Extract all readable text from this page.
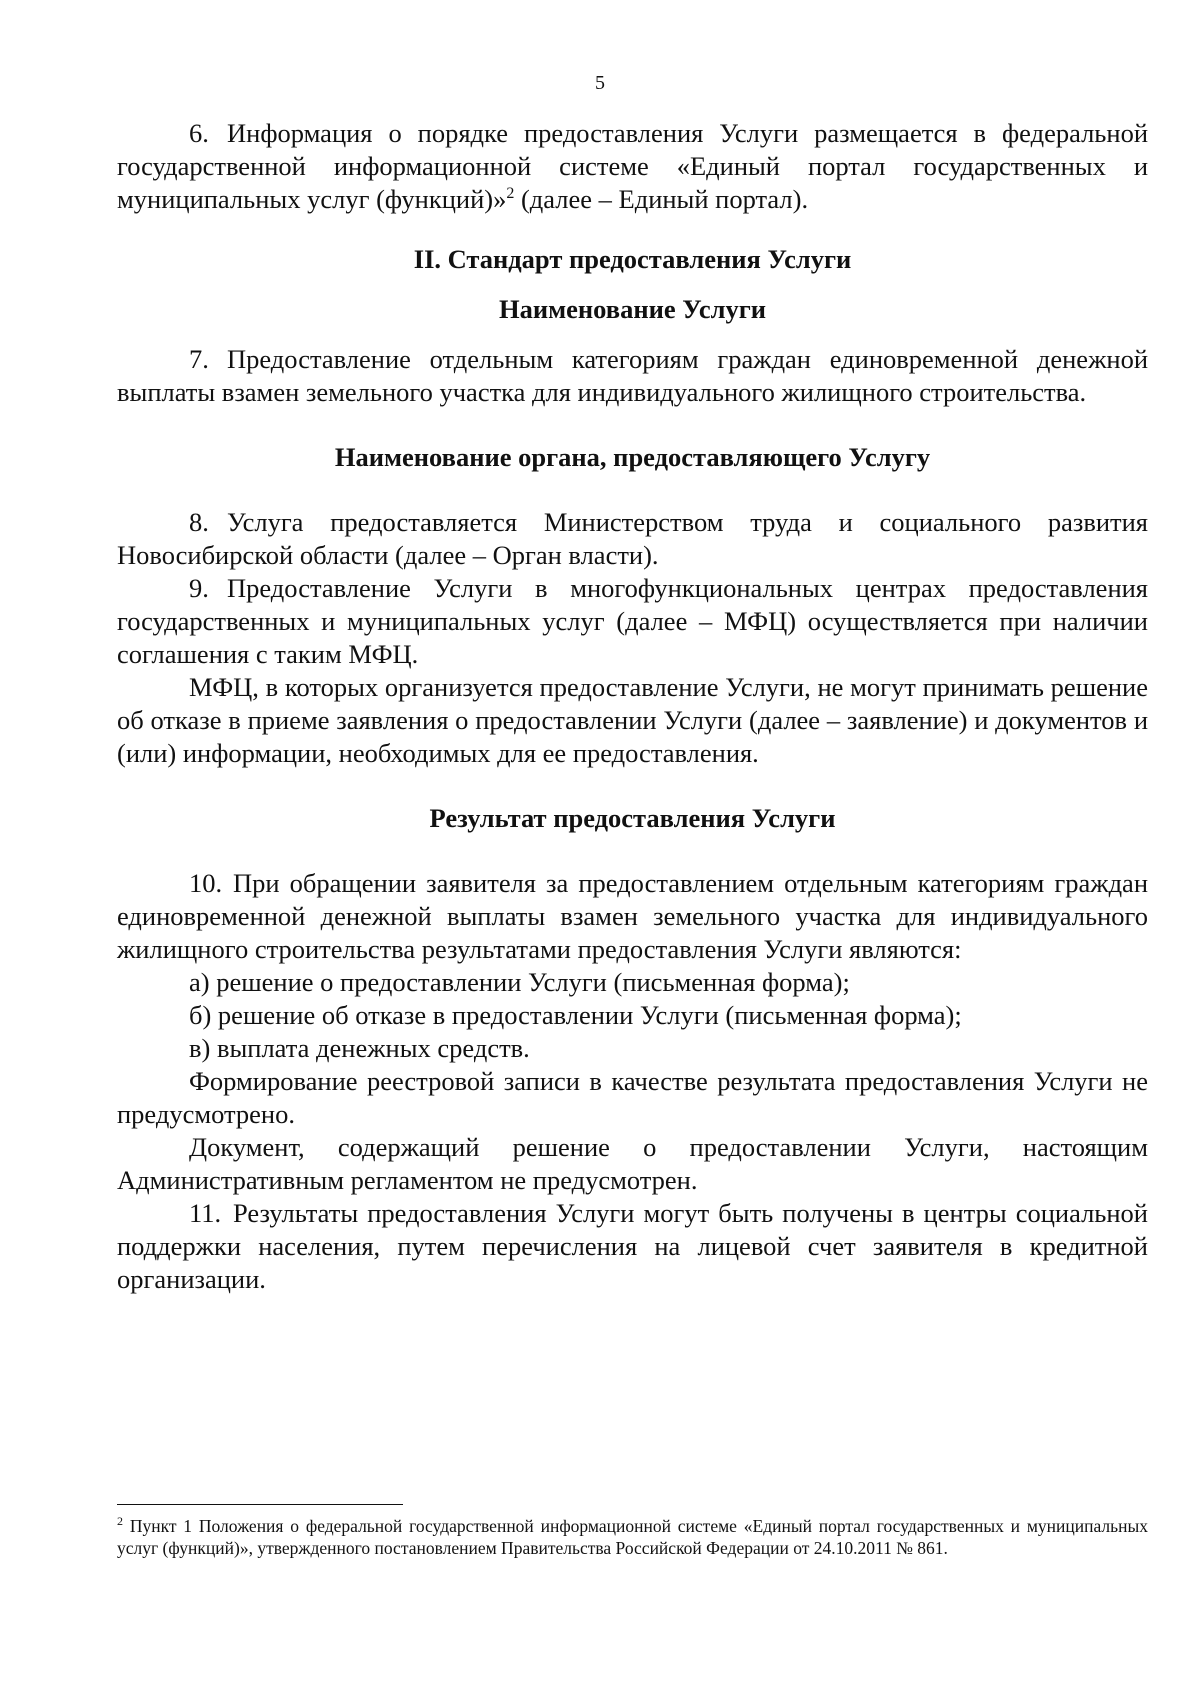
5

6. Информация о порядке предоставления Услуги размещается в федеральной государственной информационной системе «Единый портал государственных и муниципальных услуг (функций)»$^2$ (далее – Единый портал).

II. Стандарт предоставления Услуги

Наименование Услуги

7. Предоставление отдельным категориям граждан единовременной денежной выплаты взамен земельного участка для индивидуального жилищного строительства.

Наименование органа, предоставляющего Услугу

8. Услуга предоставляется Министерством труда и социального развития Новосибирской области (далее – Орган власти).

9. Предоставление Услуги в многофункциональных центрах предоставления государственных и муниципальных услуг (далее – МФЦ) осуществляется при наличии соглашения с таким МФЦ.

МФЦ, в которых организуется предоставление Услуги, не могут принимать решение об отказе в приеме заявления о предоставлении Услуги (далее – заявление) и документов и (или) информации, необходимых для ее предоставления.

Результат предоставления Услуги

10. При обращении заявителя за предоставлением отдельным категориям граждан единовременной денежной выплаты взамен земельного участка для индивидуального жилищного строительства результатами предоставления Услуги являются:

а) решение о предоставлении Услуги (письменная форма);

б) решение об отказе в предоставлении Услуги (письменная форма);

в) выплата денежных средств.

Формирование реестровой записи в качестве результата предоставления Услуги не предусмотрено.

Документ, содержащий решение о предоставлении Услуги, настоящим Административным регламентом не предусмотрен.

11. Результаты предоставления Услуги могут быть получены в центры социальной поддержки населения, путем перечисления на лицевой счет заявителя в кредитной организации.

$^2$ Пункт 1 Положения о федеральной государственной информационной системе «Единый портал государственных и муниципальных услуг (функций)», утвержденного постановлением Правительства Российской Федерации от 24.10.2011 № 861.
